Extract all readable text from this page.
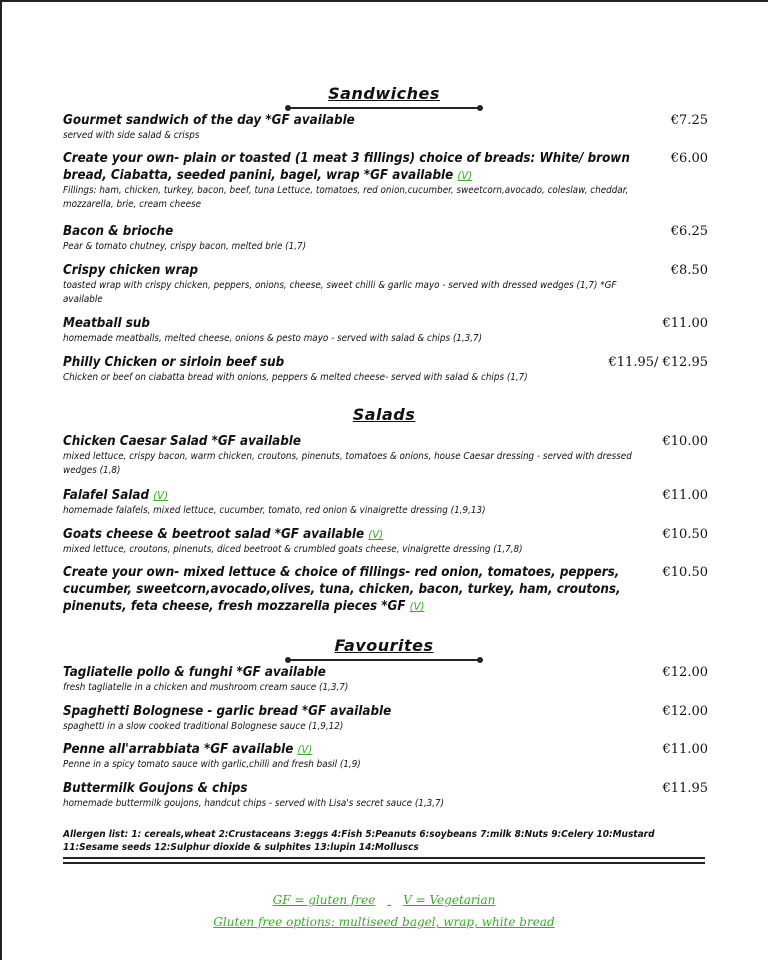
Sandwiches

Gourmet sandwich of the day *GF available

served with side salad & crisps

€7.25

Create your own- plain or toasted (1 meat 3 fillings) choice of breads: White/ brown bread, Ciabatta, seeded panini, bagel, wrap *GF available (V)

Fillings: ham, chicken, turkey, bacon, beef, tuna Lettuce, tomatoes, red onion,cucumber, sweetcorn,avocado, coleslaw, cheddar, mozzarella, brie, cream cheese

€6.00

Bacon & brioche

Pear & tomato chutney, crispy bacon, melted brie (1,7)

€6.25

Crispy chicken wrap

toasted wrap with crispy chicken, peppers, onions, cheese, sweet chilli & garlic mayo - served with dressed wedges (1,7) *GF available

€8.50

Meatball sub

homemade meatballs, melted cheese, onions & pesto mayo - served with salad & chips (1,3,7)

€11.00

Philly Chicken or sirloin beef sub

Chicken or beef on ciabatta bread with onions, peppers & melted cheese- served with salad & chips (1,7)

€11.95/ €12.95
Salads

Chicken Caesar Salad *GF available

mixed lettuce, crispy bacon, warm chicken, croutons, pinenuts, tomatoes & onions, house Caesar dressing - served with dressed wedges (1,8)

€10.00

Falafel Salad (V)

homemade falafels, mixed lettuce, cucumber, tomato, red onion & vinaigrette dressing (1,9,13)

€11.00

Goats cheese & beetroot salad *GF available (V)

mixed lettuce, croutons, pinenuts, diced beetroot & crumbled goats cheese, vinaigrette dressing (1,7,8)

€10.50

Create your own- mixed lettuce & choice of fillings- red onion, tomatoes, peppers, cucumber, sweetcorn,avocado,olives, tuna, chicken, bacon, turkey, ham, croutons, pinenuts, feta cheese, fresh mozzarella pieces *GF (V)

€10.50
Favourites

Tagliatelle pollo & funghi *GF available

fresh tagliatelle in a chicken and mushroom cream sauce (1,3,7)

€12.00

Spaghetti Bolognese - garlic bread *GF available

spaghetti in a slow cooked traditional Bolognese sauce (1,9,12)

€12.00

Penne all'arrabbiata *GF available (V)

Penne in a spicy tomato sauce with garlic,chilli and fresh basil (1,9)

€11.00

Buttermilk Goujons & chips

homemade buttermilk goujons, handcut chips - served with Lisa's secret sauce (1,3,7)

€11.95
Allergen list: 1: cereals,wheat 2:Crustaceans 3:eggs 4:Fish 5:Peanuts 6:soybeans 7:milk 8:Nuts 9:Celery 10:Mustard 11:Sesame seeds 12:Sulphur dioxide & sulphites 13:lupin 14:Molluscs
GF = gluten free V = Vegetarian
Gluten free options: multiseed bagel, wrap, white bread
